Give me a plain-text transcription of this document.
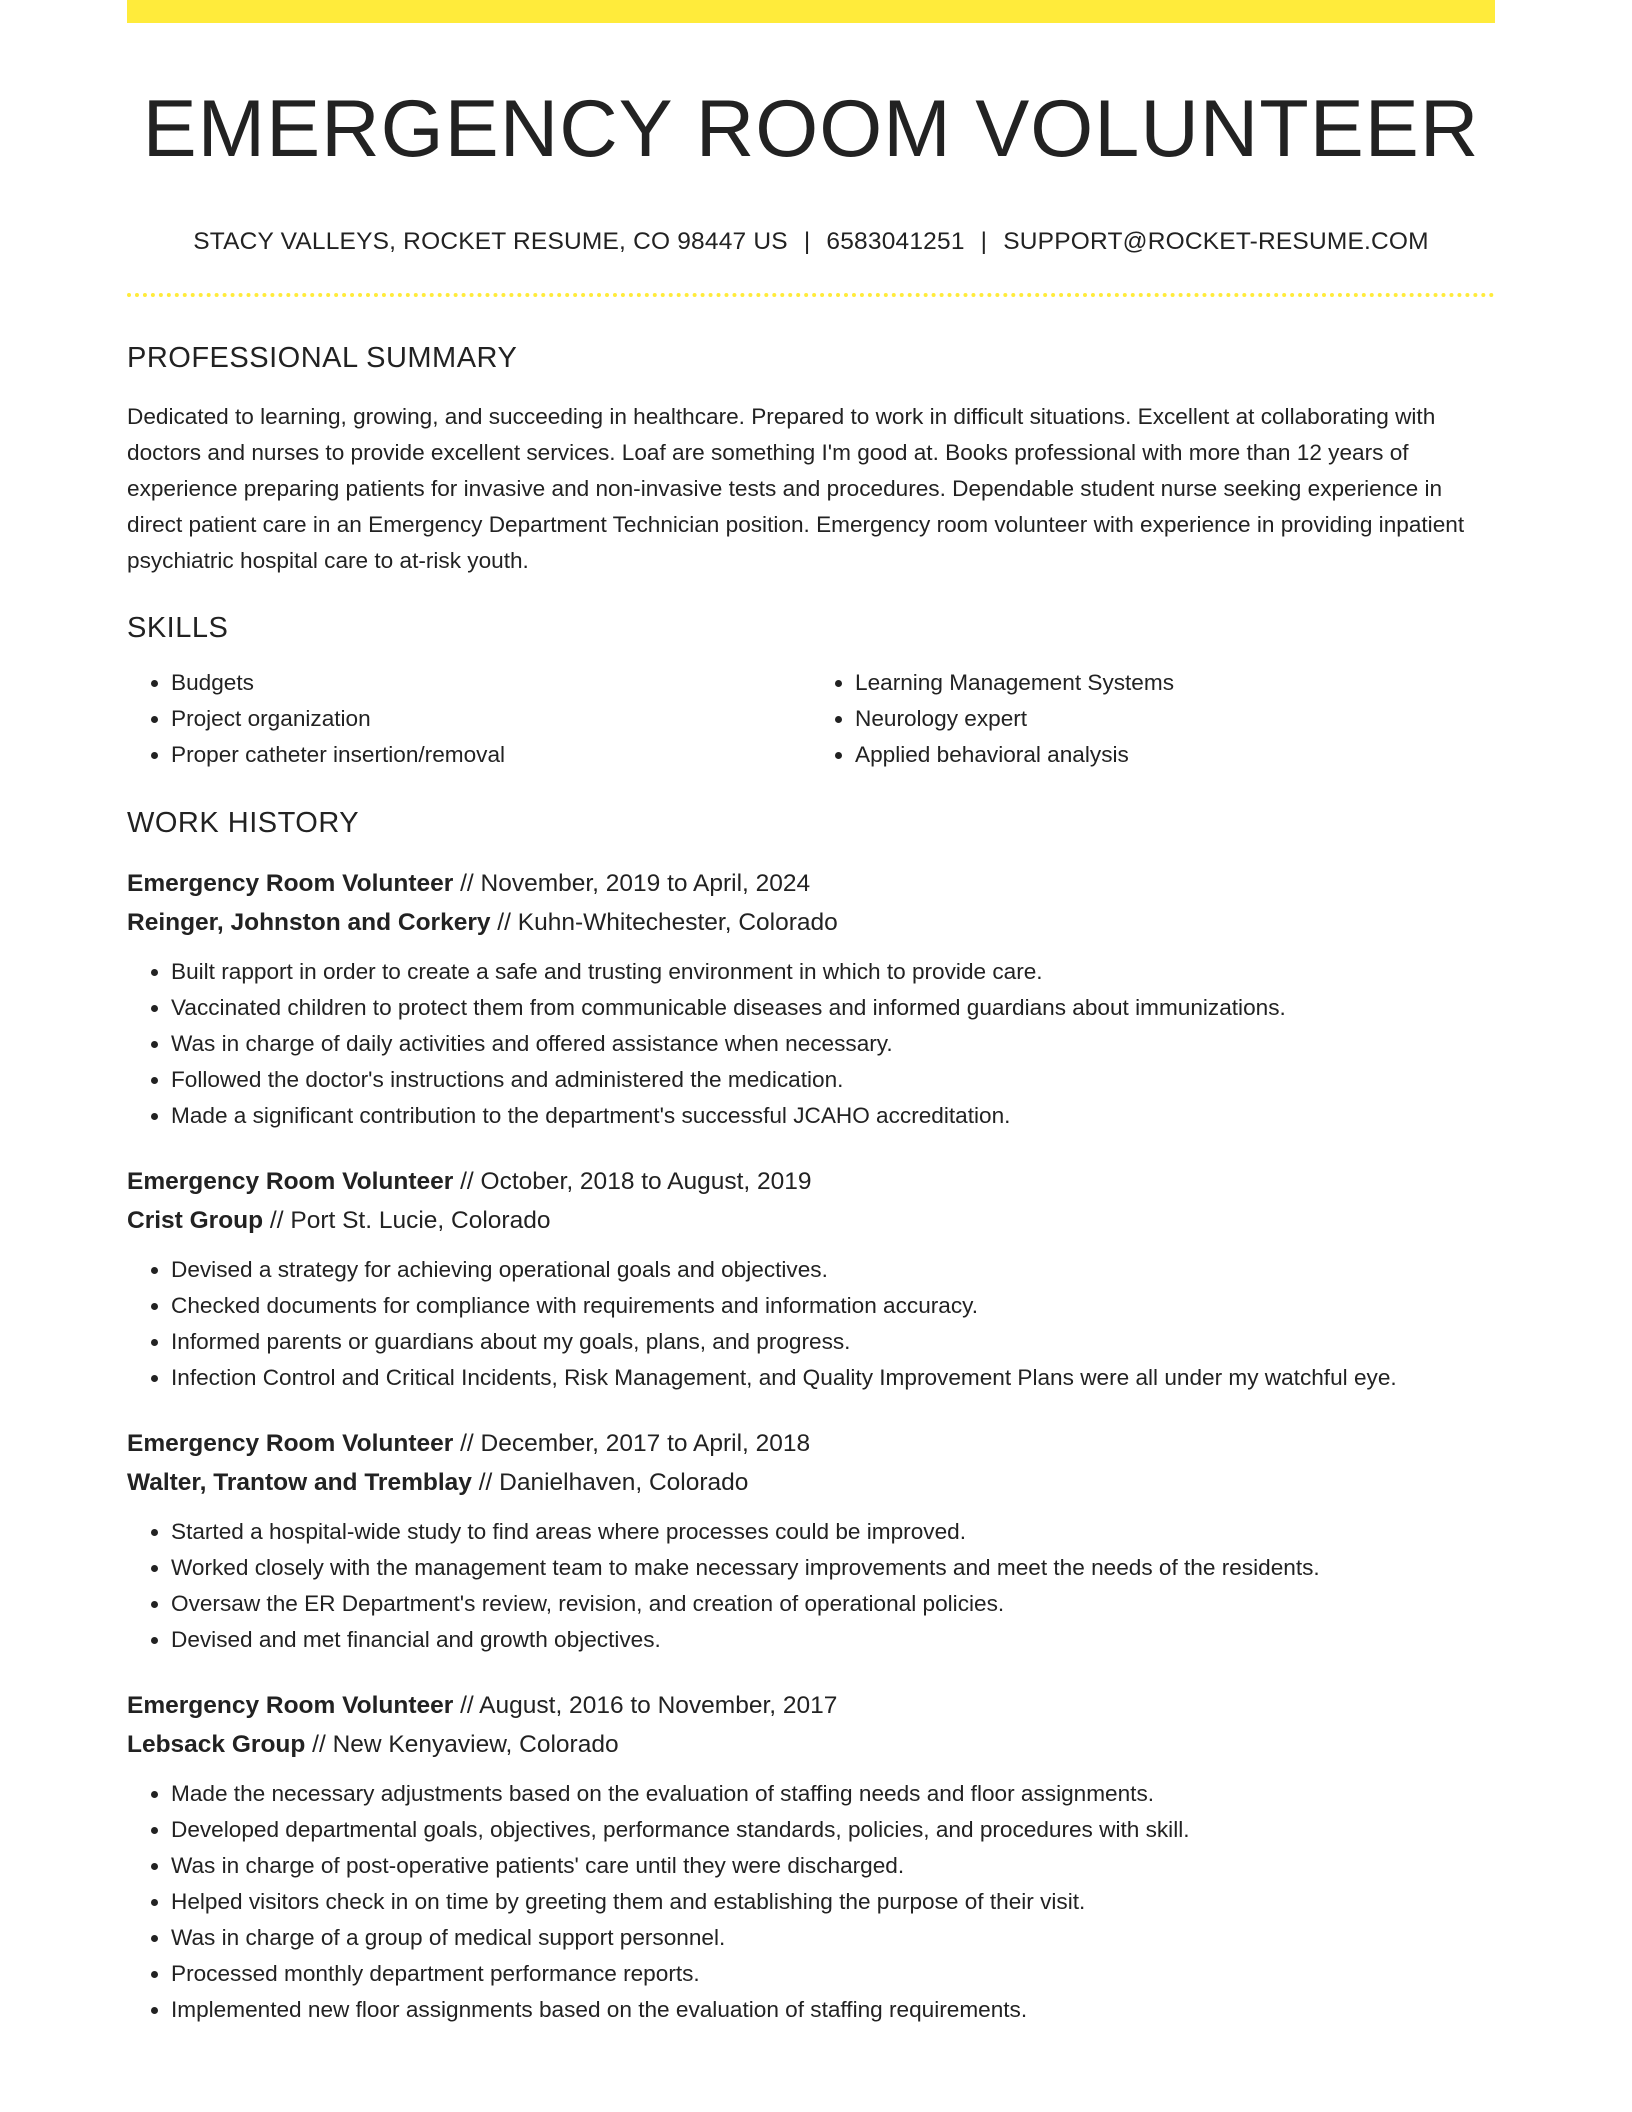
EMERGENCY ROOM VOLUNTEER
STACY VALLEYS, ROCKET RESUME, CO 98447 US | 6583041251 | SUPPORT@ROCKET-RESUME.COM
PROFESSIONAL SUMMARY

Dedicated to learning, growing, and succeeding in healthcare. Prepared to work in difficult situations. Excellent at collaborating with doctors and nurses to provide excellent services. Loaf are something I'm good at. Books professional with more than 12 years of experience preparing patients for invasive and non-invasive tests and procedures. Dependable student nurse seeking experience in direct patient care in an Emergency Department Technician position. Emergency room volunteer with experience in providing inpatient psychiatric hospital care to at-risk youth.

SKILLS
• Budgets
• Project organization
• Proper catheter insertion/removal
• Learning Management Systems
• Neurology expert
• Applied behavioral analysis
WORK HISTORY
Emergency Room Volunteer // November, 2019 to April, 2024
Reinger, Johnston and Corkery // Kuhn-Whitechester, Colorado
• Built rapport in order to create a safe and trusting environment in which to provide care.
• Vaccinated children to protect them from communicable diseases and informed guardians about immunizations.
• Was in charge of daily activities and offered assistance when necessary.
• Followed the doctor's instructions and administered the medication.
• Made a significant contribution to the department's successful JCAHO accreditation.
Emergency Room Volunteer // October, 2018 to August, 2019
Crist Group // Port St. Lucie, Colorado
• Devised a strategy for achieving operational goals and objectives.
• Checked documents for compliance with requirements and information accuracy.
• Informed parents or guardians about my goals, plans, and progress.
• Infection Control and Critical Incidents, Risk Management, and Quality Improvement Plans were all under my watchful eye.
Emergency Room Volunteer // December, 2017 to April, 2018
Walter, Trantow and Tremblay // Danielhaven, Colorado
• Started a hospital-wide study to find areas where processes could be improved.
• Worked closely with the management team to make necessary improvements and meet the needs of the residents.
• Oversaw the ER Department's review, revision, and creation of operational policies.
• Devised and met financial and growth objectives.
Emergency Room Volunteer // August, 2016 to November, 2017
Lebsack Group // New Kenyaview, Colorado
• Made the necessary adjustments based on the evaluation of staffing needs and floor assignments.
• Developed departmental goals, objectives, performance standards, policies, and procedures with skill.
• Was in charge of post-operative patients' care until they were discharged.
• Helped visitors check in on time by greeting them and establishing the purpose of their visit.
• Was in charge of a group of medical support personnel.
• Processed monthly department performance reports.
• Implemented new floor assignments based on the evaluation of staffing requirements.
